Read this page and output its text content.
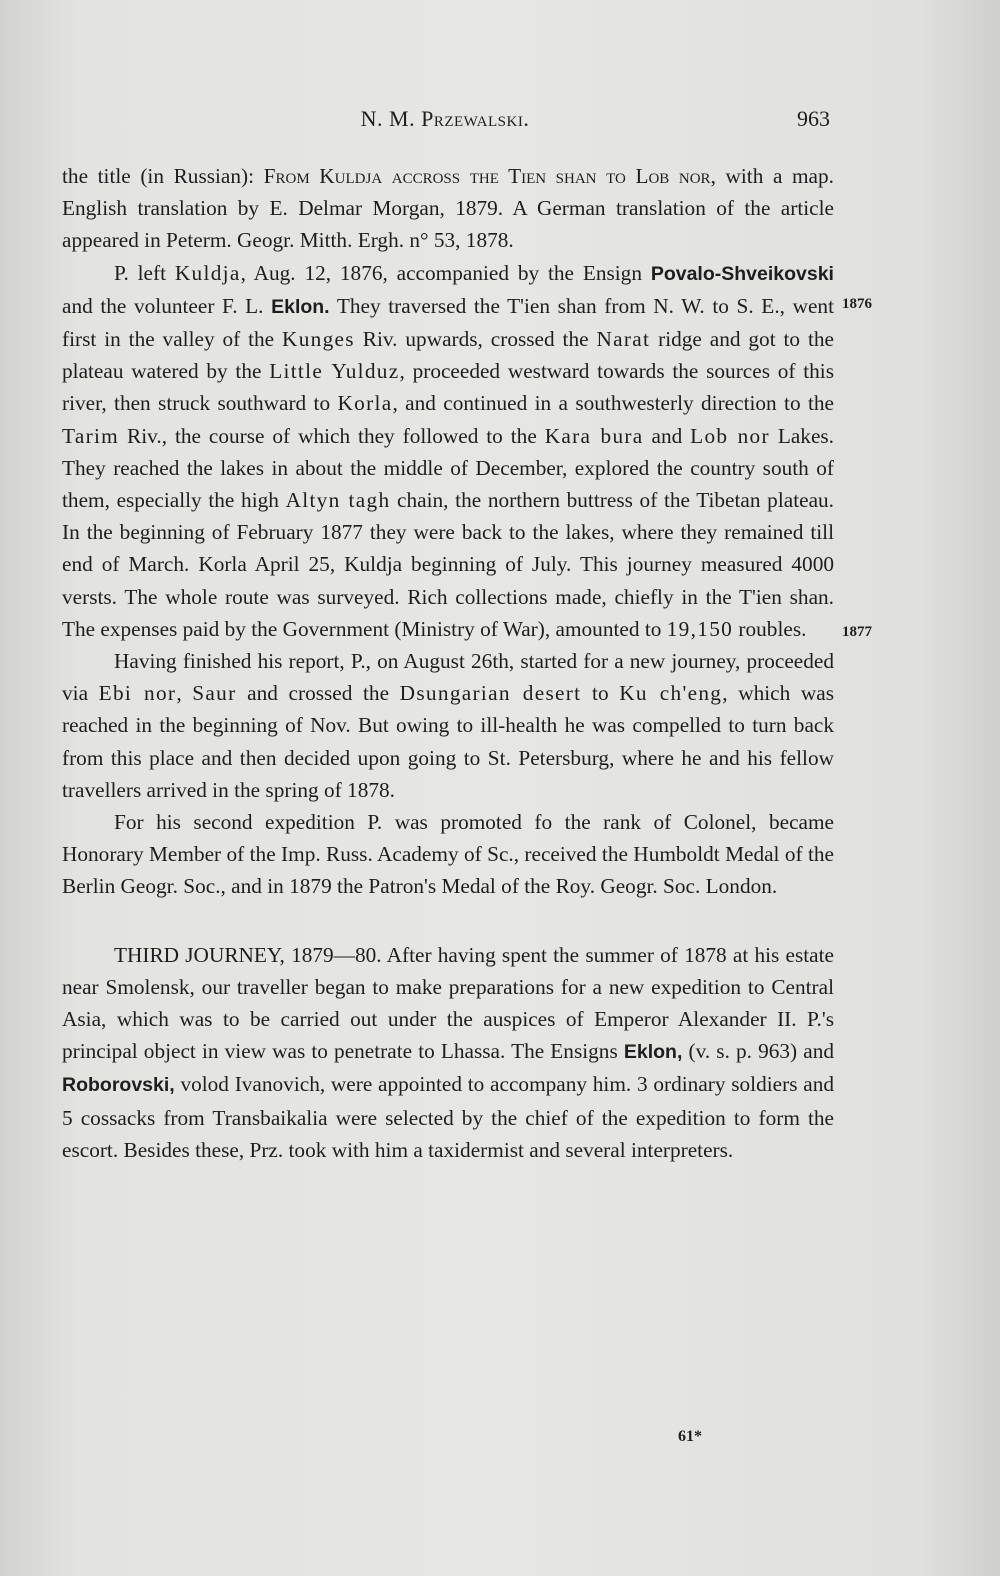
N. M. Przewalski.	963

the title (in Russian): From Kuldja accross the Tien shan to Lob nor, with a map. English translation by E. Delmar Morgan, 1879. A German translation of the article appeared in Peterm. Geogr. Mitth. Ergh. n° 53, 1878.

P. left Kuldja, Aug. 12, 1876, accompanied by the Ensign Povalo-Shveikovski and the volunteer F. L. Eklon. They traversed the T'ien shan from N. W. to S. E., went first in the valley of the Kunges Riv. upwards, crossed the Narat ridge and got to the plateau watered by the Little Yulduz, proceeded westward towards the sources of this river, then struck southward to Korla, and continued in a southwesterly direction to the Tarim Riv., the course of which they followed to the Kara bura and Lob nor Lakes. They reached the lakes in about the middle of December, explored the country south of them, especially the high Altyn tagh chain, the northern buttress of the Tibetan plateau. In the beginning of February 1877 they were back to the lakes, where they remained till end of March. Korla April 25, Kuldja beginning of July. This journey measured 4000 versts. The whole route was surveyed. Rich collections made, chiefly in the T'ien shan. The expenses paid by the Government (Ministry of War), amounted to 19,150 roubles.

Having finished his report, P., on August 26th, started for a new journey, proceeded via Ebi nor, Saur and crossed the Dsungarian desert to Ku ch'eng, which was reached in the beginning of Nov. But owing to ill-health he was compelled to turn back from this place and then decided upon going to St. Petersburg, where he and his fellow travellers arrived in the spring of 1878.

For his second expedition P. was promoted fo the rank of Colonel, became Honorary Member of the Imp. Russ. Academy of Sc., received the Humboldt Medal of the Berlin Geogr. Soc., and in 1879 the Patron's Medal of the Roy. Geogr. Soc. London.

THIRD JOURNEY, 1879—80. After having spent the summer of 1878 at his estate near Smolensk, our traveller began to make preparations for a new expedition to Central Asia, which was to be carried out under the auspices of Emperor Alexander II. P.'s principal object in view was to penetrate to Lhassa. The Ensigns Eklon, (v. s. p. 963) and Roborovski, volod Ivanovich, were appointed to accompany him. 3 ordinary soldiers and 5 cossacks from Transbaikalia were selected by the chief of the expedition to form the escort. Besides these, Prz. took with him a taxidermist and several interpreters.

1876
1877
61*
